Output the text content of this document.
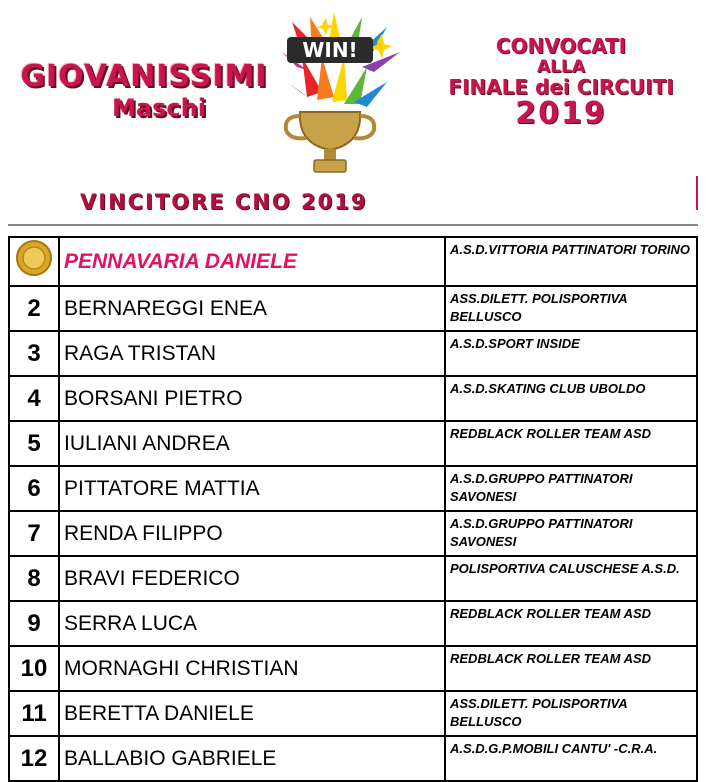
GIOVANISSIMI
Maschi
WIN!	CONVOCATI
ALLA
FINALE dei CIRCUITI
2019
VINCITORE CNO 2019
	PENNAVARIA DANIELE	A.S.D.VITTORIA PATTINATORI TORINO
2	BERNAREGGI ENEA	ASS.DILETT. POLISPORTIVA BELLUSCO
3	RAGA TRISTAN	A.S.D.SPORT INSIDE
4	BORSANI PIETRO	A.S.D.SKATING CLUB UBOLDO
5	IULIANI ANDREA	REDBLACK ROLLER TEAM ASD
6	PITTATORE MATTIA	A.S.D.GRUPPO PATTINATORI SAVONESI
7	RENDA FILIPPO	A.S.D.GRUPPO PATTINATORI SAVONESI
8	BRAVI FEDERICO	POLISPORTIVA CALUSCHESE A.S.D.
9	SERRA LUCA	REDBLACK ROLLER TEAM ASD
10	MORNAGHI CHRISTIAN	REDBLACK ROLLER TEAM ASD
11	BERETTA DANIELE	ASS.DILETT. POLISPORTIVA BELLUSCO
12	BALLABIO GABRIELE	A.S.D.G.P.MOBILI CANTU' -C.R.A.
